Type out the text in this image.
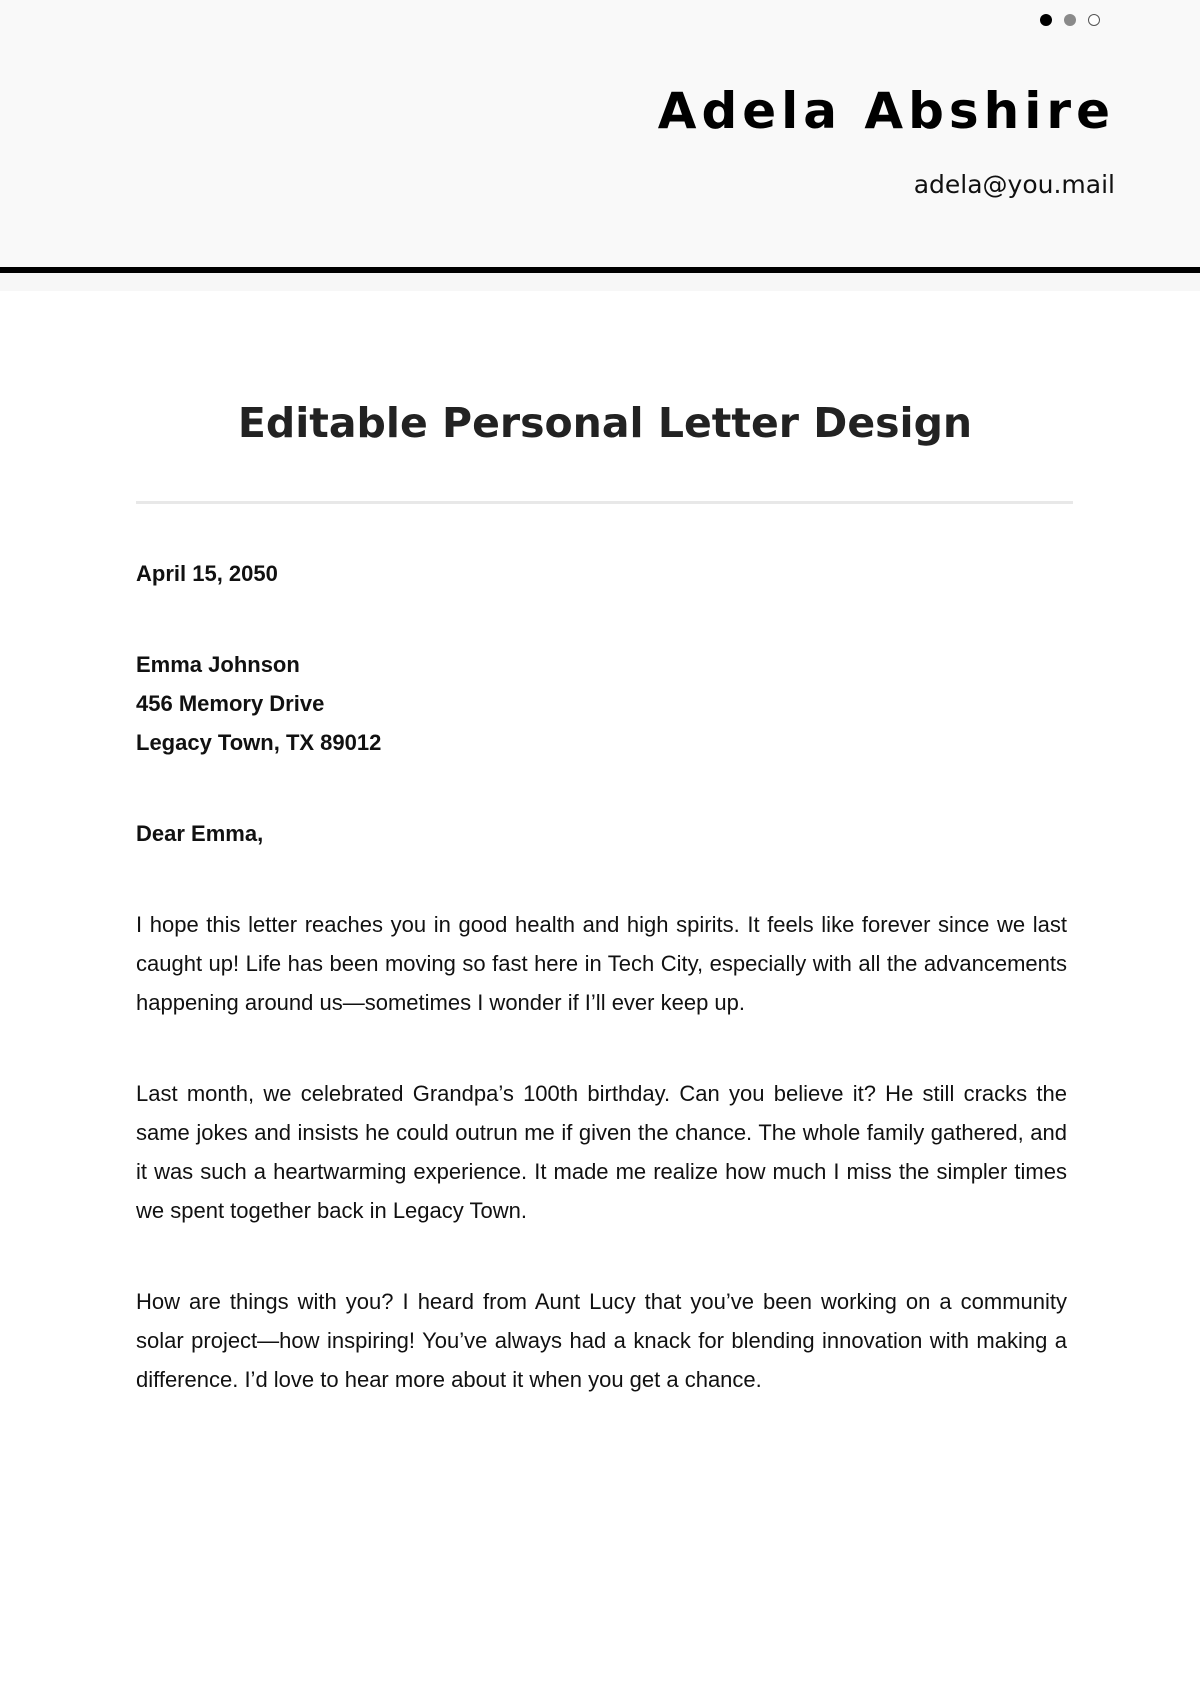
Adela Abshire
adela@you.mail
Editable Personal Letter Design

April 15, 2050

Emma Johnson

456 Memory Drive

Legacy Town, TX 89012

Dear Emma,

I hope this letter reaches you in good health and high spirits. It feels like forever since we last caught up! Life has been moving so fast here in Tech City, especially with all the advancements happening around us—sometimes I wonder if I’ll ever keep up.

Last month, we celebrated Grandpa’s 100th birthday. Can you believe it? He still cracks the same jokes and insists he could outrun me if given the chance. The whole family gathered, and it was such a heartwarming experience. It made me realize how much I miss the simpler times we spent together back in Legacy Town.

How are things with you? I heard from Aunt Lucy that you’ve been working on a community solar project—how inspiring! You’ve always had a knack for blending innovation with making a difference. I’d love to hear more about it when you get a chance.
